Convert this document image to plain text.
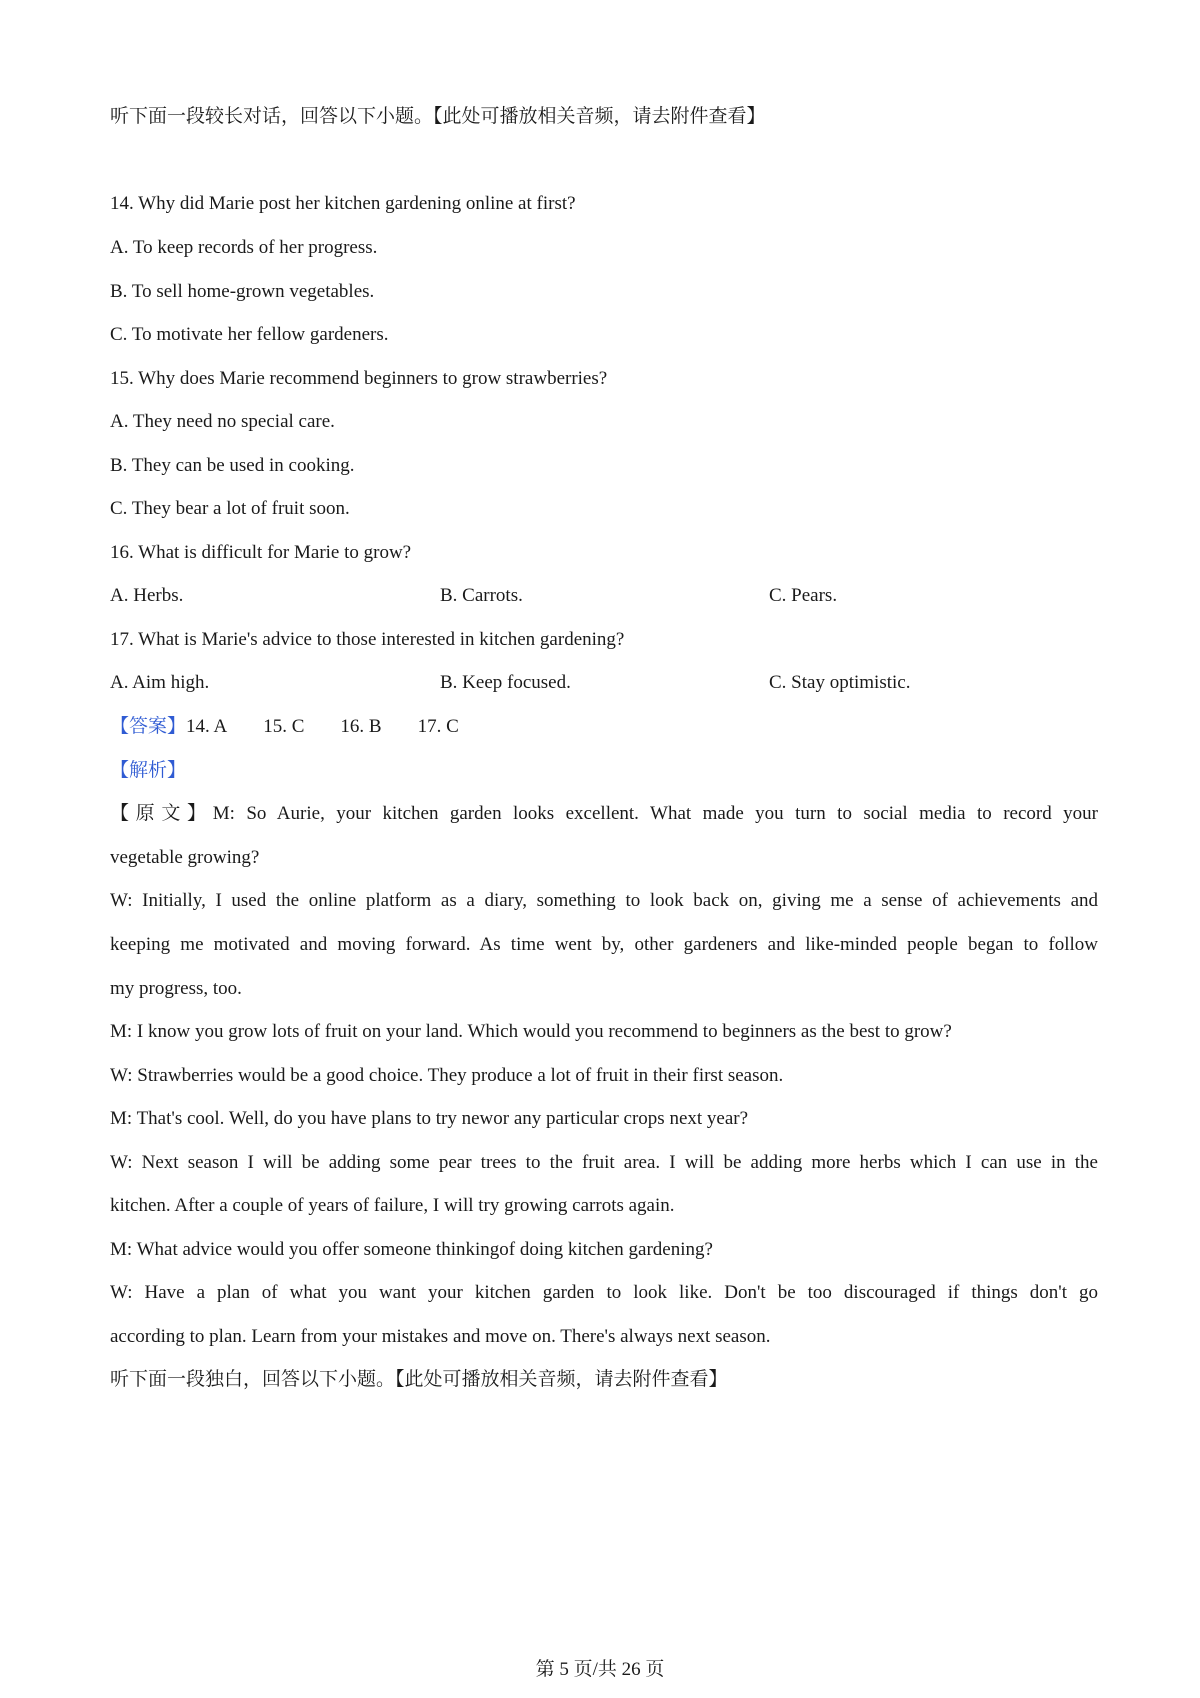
听下面一段较长对话，回答以下小题。【此处可播放相关音频，请去附件查看】
14. Why did Marie post her kitchen gardening online at first?
A. To keep records of her progress.
B. To sell home-grown vegetables.
C. To motivate her fellow gardeners.
15. Why does Marie recommend beginners to grow strawberries?
A. They need no special care.
B. They can be used in cooking.
C. They bear a lot of fruit soon.
16. What is difficult for Marie to grow?
A. Herbs.	B. Carrots.	C. Pears.
17. What is Marie's advice to those interested in kitchen gardening?
A. Aim high.	B. Keep focused.	C. Stay optimistic.
【答案】14. A 15. C 16. B 17. C
【解析】
【原文】M: So Aurie, your kitchen garden looks excellent. What made you turn to social media to record your
vegetable growing?
W: Initially, I used the online platform as a diary, something to look back on, giving me a sense of achievements and
keeping me motivated and moving forward. As time went by, other gardeners and like-minded people began to follow
my progress, too.
M: I know you grow lots of fruit on your land. Which would you recommend to beginners as the best to grow?
W: Strawberries would be a good choice. They produce a lot of fruit in their first season.
M: That's cool. Well, do you have plans to try newor any particular crops next year?
W: Next season I will be adding some pear trees to the fruit area. I will be adding more herbs which I can use in the
kitchen. After a couple of years of failure, I will try growing carrots again.
M: What advice would you offer someone thinkingof doing kitchen gardening?
W: Have a plan of what you want your kitchen garden to look like. Don't be too discouraged if things don't go
according to plan. Learn from your mistakes and move on. There's always next season.
听下面一段独白，回答以下小题。【此处可播放相关音频，请去附件查看】
第 5 页/共 26 页
